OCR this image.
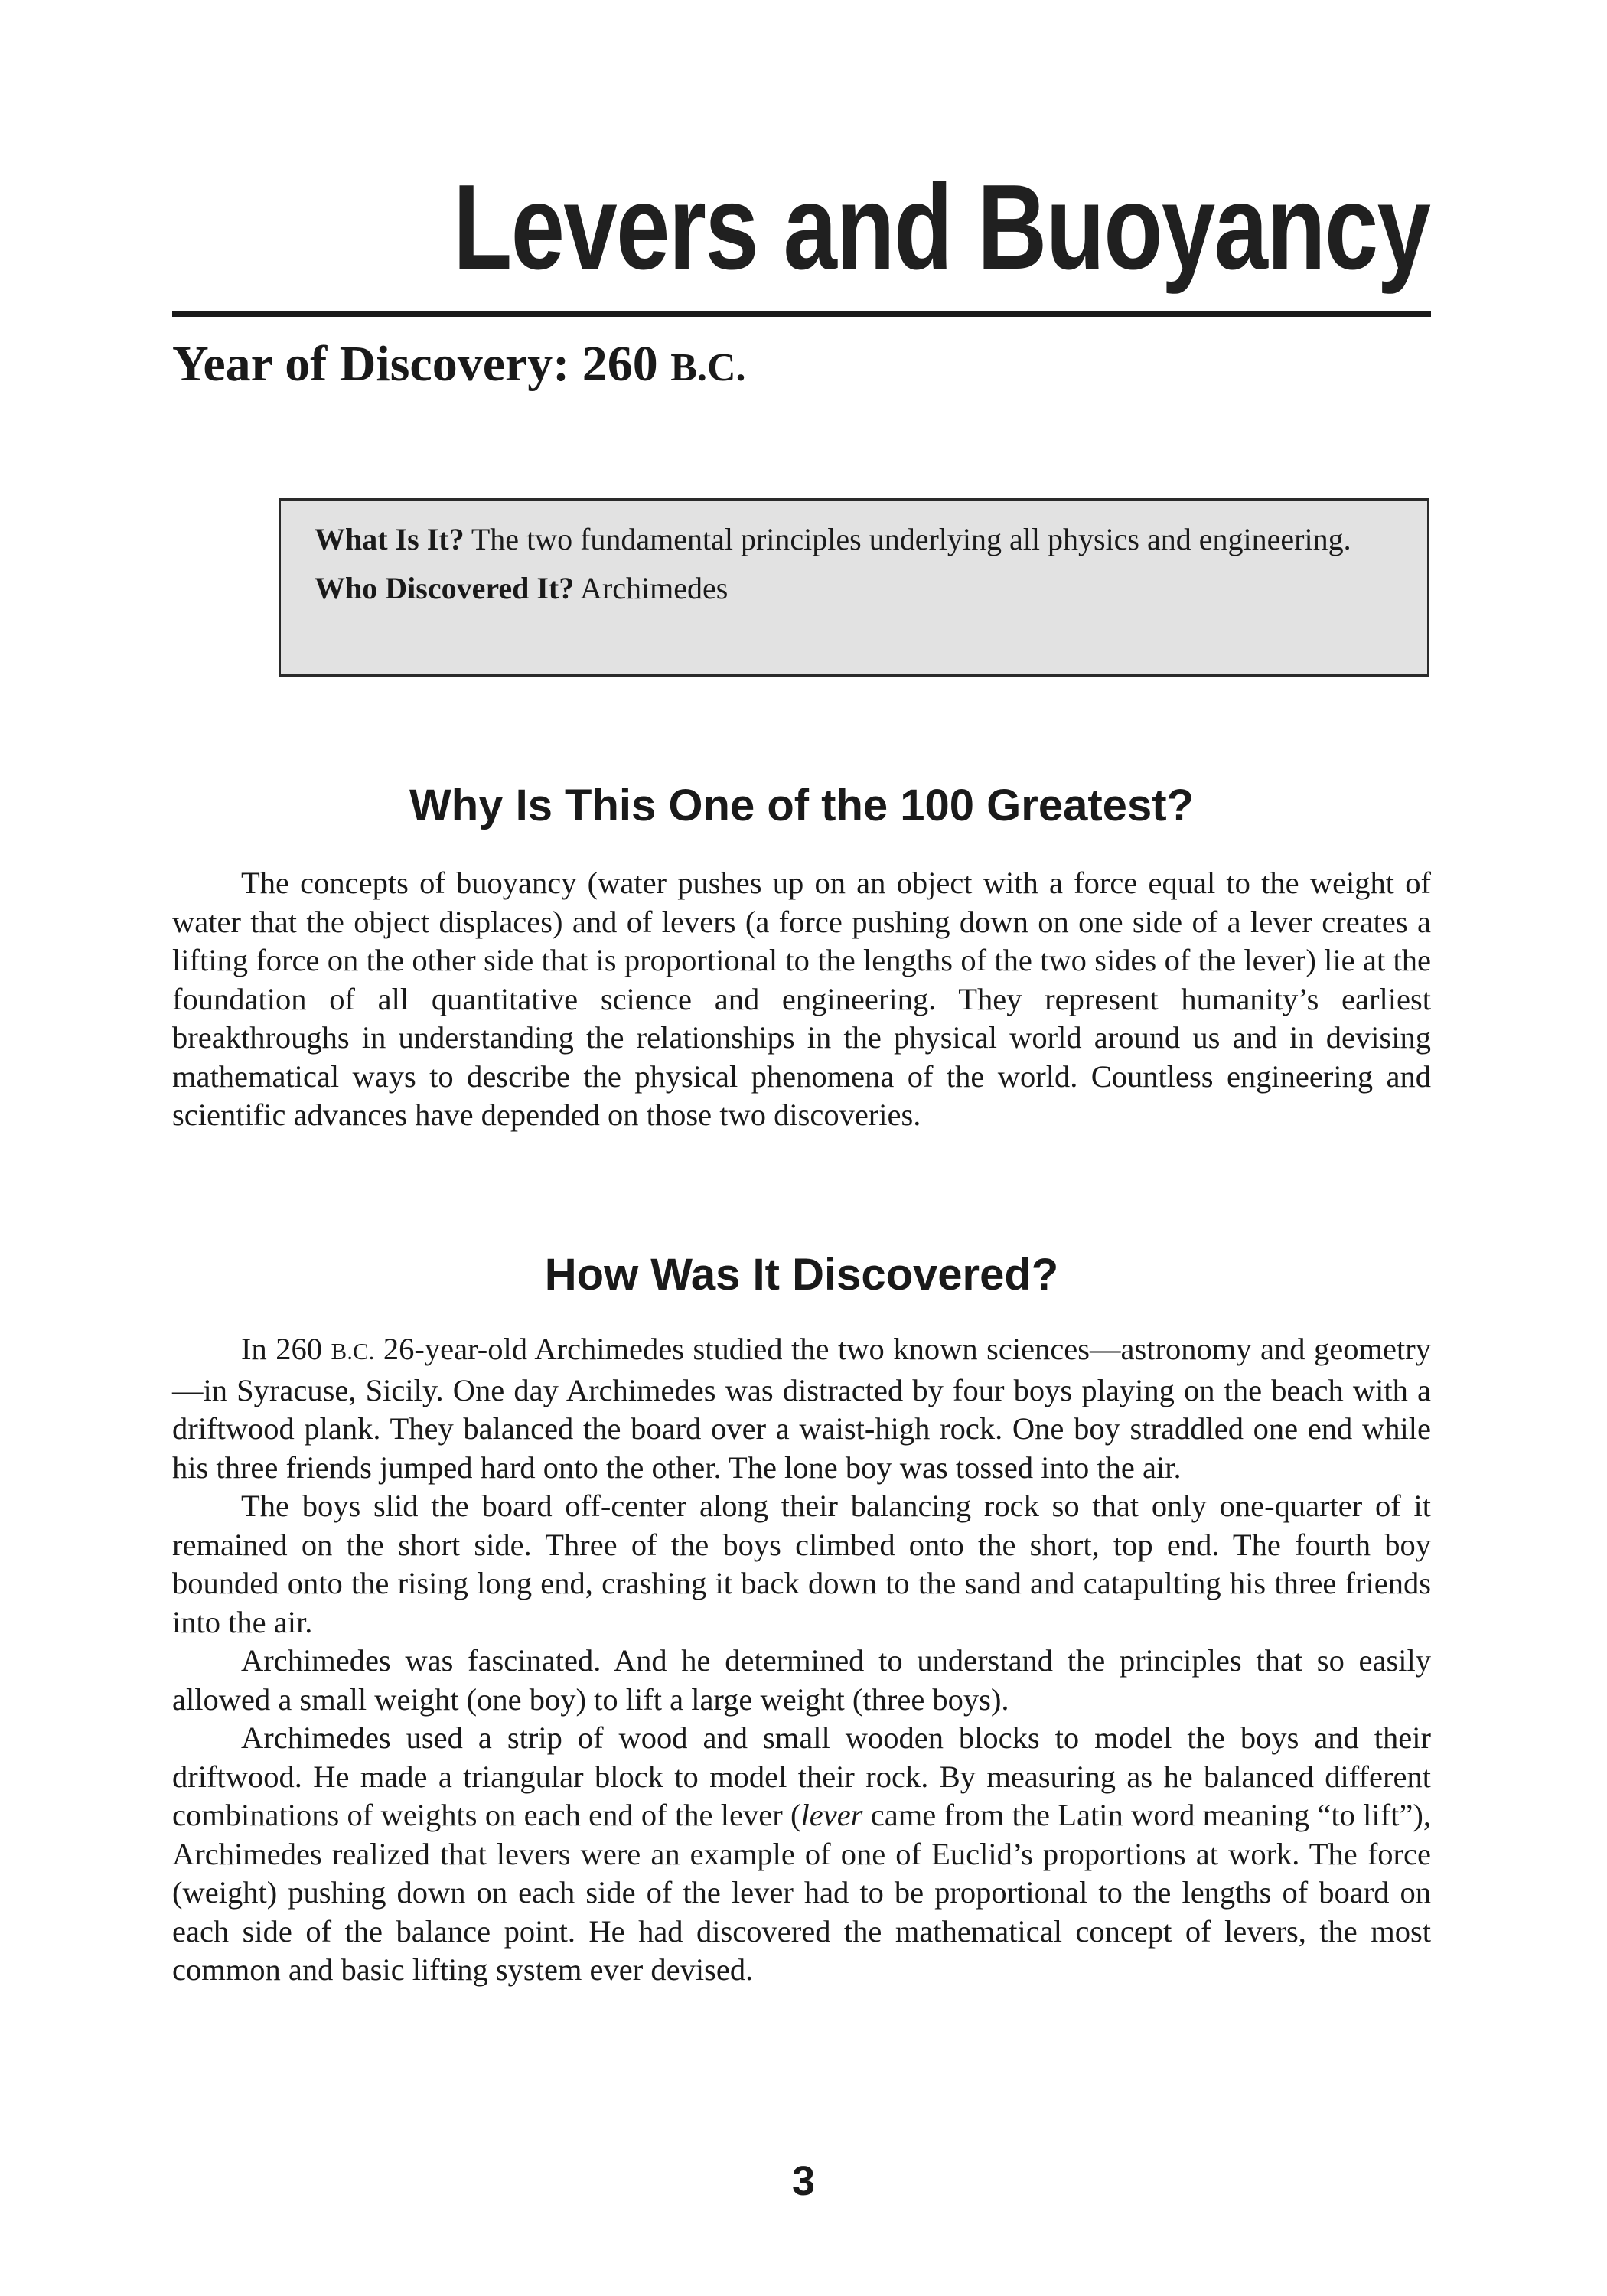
Levers and Buoyancy
Year of Discovery: 260 B.C.

What Is It? The two fundamental principles underlying all physics and engineering.

Who Discovered It? Archimedes

Why Is This One of the 100 Greatest?

The concepts of buoyancy (water pushes up on an object with a force equal to the weight of water that the object displaces) and of levers (a force pushing down on one side of a lever creates a lifting force on the other side that is proportional to the lengths of the two sides of the lever) lie at the foundation of all quantitative science and engineering. They represent humanity’s earliest breakthroughs in understanding the relationships in the physical world around us and in devising mathematical ways to describe the physical phenomena of the world. Countless engineering and scientific advances have depended on those two discoveries.

How Was It Discovered?

In 260 B.C. 26-year-old Archimedes studied the two known sciences—astronomy and geometry—in Syracuse, Sicily. One day Archimedes was distracted by four boys playing on the beach with a driftwood plank. They balanced the board over a waist-high rock. One boy straddled one end while his three friends jumped hard onto the other. The lone boy was tossed into the air.

The boys slid the board off-center along their balancing rock so that only one-quarter of it remained on the short side. Three of the boys climbed onto the short, top end. The fourth boy bounded onto the rising long end, crashing it back down to the sand and catapulting his three friends into the air.

Archimedes was fascinated. And he determined to understand the principles that so easily allowed a small weight (one boy) to lift a large weight (three boys).

Archimedes used a strip of wood and small wooden blocks to model the boys and their driftwood. He made a triangular block to model their rock. By measuring as he balanced different combinations of weights on each end of the lever (lever came from the Latin word meaning “to lift”), Archimedes realized that levers were an example of one of Euclid’s proportions at work. The force (weight) pushing down on each side of the lever had to be proportional to the lengths of board on each side of the balance point. He had discovered the mathematical concept of levers, the most common and basic lifting system ever devised.

3
